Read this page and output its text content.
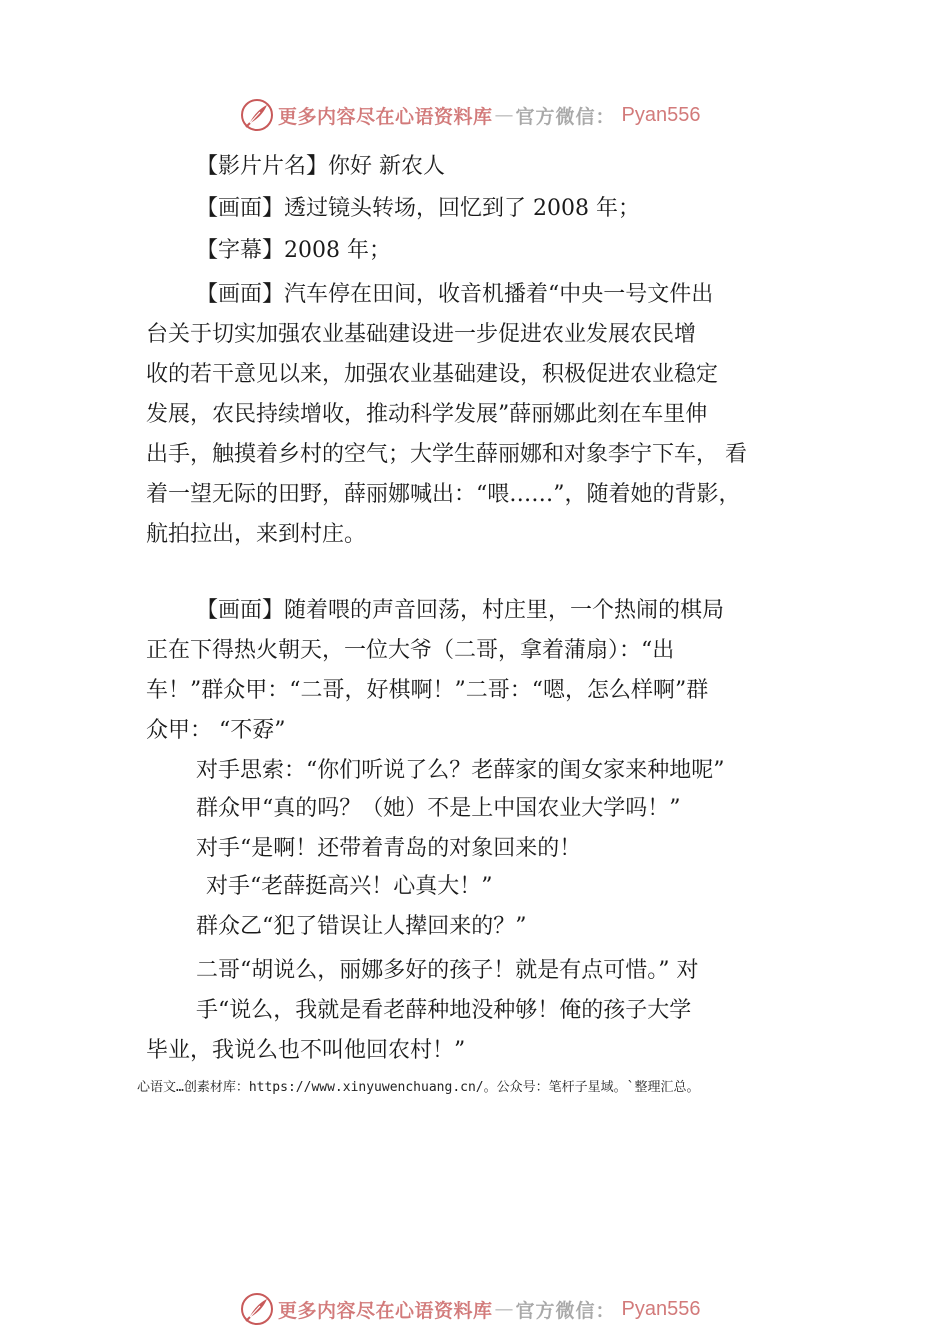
更多内容尽在心语资料库 — 官方微信： Pyan556
【影片片名】你好 新农人
【画面】透过镜头转场，回忆到了 2008 年；
【字幕】2008 年；
【画面】汽车停在田间，收音机播着“中央一号文件出
台关于切实加强农业基础建设进一步促进农业发展农民增
收的若干意见以来，加强农业基础建设，积极促进农业稳定
发展，农民持续增收，推动科学发展”薛丽娜此刻在车里伸
出手，触摸着乡村的空气；大学生薛丽娜和对象李宁下车， 看
着一望无际的田野，薛丽娜喊出：“喂……”，随着她的背影，
航拍拉出，来到村庄。
【画面】随着喂的声音回荡，村庄里，一个热闹的棋局
正在下得热火朝天，一位大爷（二哥，拿着蒲扇）：“出
车！”群众甲：“二哥，好棋啊！”二哥：“嗯，怎么样啊”群
众甲： “不孬”
对手思索：“你们听说了么？老薛家的闺女家来种地呢”
群众甲“真的吗？（她）不是上中国农业大学吗！”
对手“是啊！还带着青岛的对象回来的！
对手“老薛挺高兴！心真大！”
群众乙“犯了错误让人撵回来的？”
二哥“胡说么，丽娜多好的孩子！就是有点可惜。” 对
手“说么，我就是看老薛种地没种够！俺的孩子大学
毕业，我说么也不叫他回农村！”
心语文…创素材库：https://www.xinyuwenchuang.cn/。公众号：笔杆子星域。`整理汇总。
更多内容尽在心语资料库 — 官方微信： Pyan556
